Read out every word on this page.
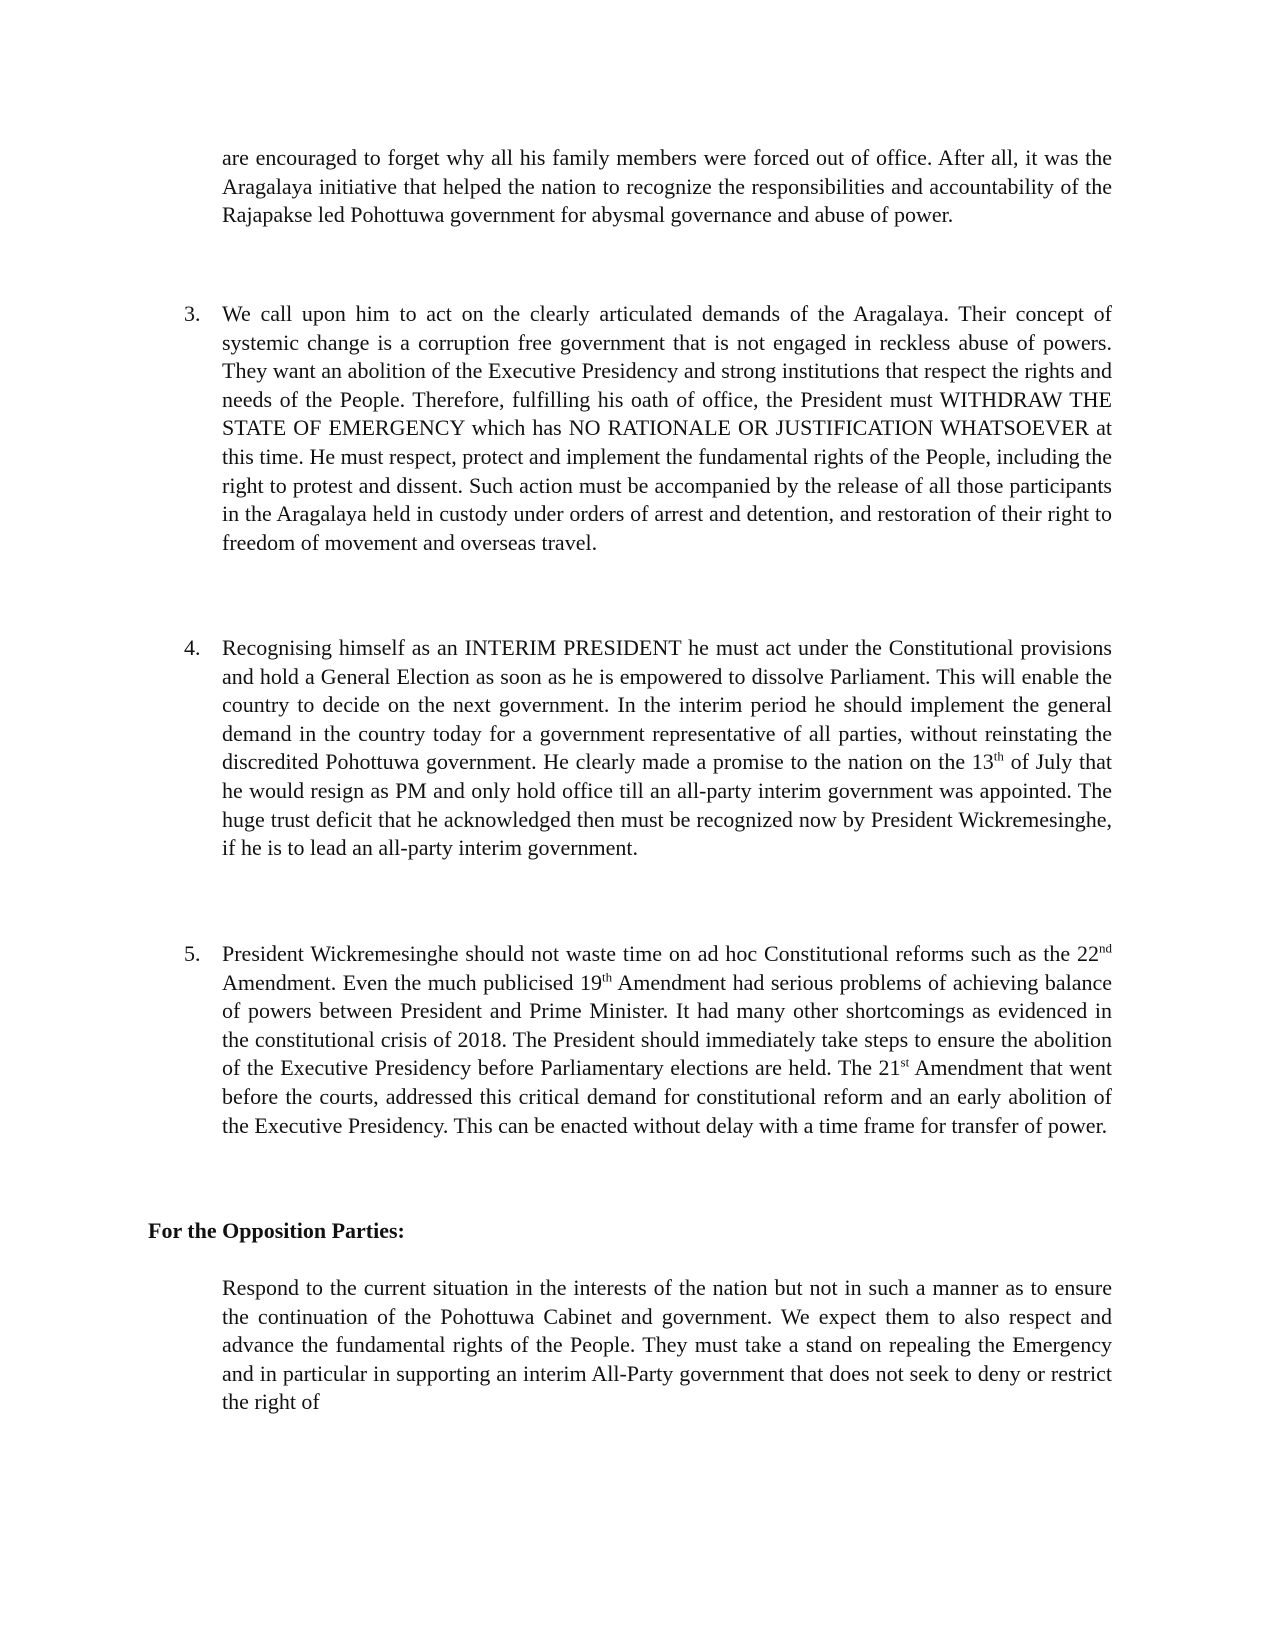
are encouraged to forget why all his family members were forced out of office. After all, it was the Aragalaya initiative that helped the nation to recognize the responsibilities and accountability of the Rajapakse led Pohottuwa government for abysmal governance and abuse of power.
3. We call upon him to act on the clearly articulated demands of the Aragalaya. Their concept of systemic change is a corruption free government that is not engaged in reckless abuse of powers. They want an abolition of the Executive Presidency and strong institutions that respect the rights and needs of the People. Therefore, fulfilling his oath of office, the President must WITHDRAW THE STATE OF EMERGENCY which has NO RATIONALE OR JUSTIFICATION WHATSOEVER at this time. He must respect, protect and implement the fundamental rights of the People, including the right to protest and dissent. Such action must be accompanied by the release of all those participants in the Aragalaya held in custody under orders of arrest and detention, and restoration of their right to freedom of movement and overseas travel.
4. Recognising himself as an INTERIM PRESIDENT he must act under the Constitutional provisions and hold a General Election as soon as he is empowered to dissolve Parliament. This will enable the country to decide on the next government. In the interim period he should implement the general demand in the country today for a government representative of all parties, without reinstating the discredited Pohottuwa government. He clearly made a promise to the nation on the 13th of July that he would resign as PM and only hold office till an all-party interim government was appointed. The huge trust deficit that he acknowledged then must be recognized now by President Wickremesinghe, if he is to lead an all-party interim government.
5. President Wickremesinghe should not waste time on ad hoc Constitutional reforms such as the 22nd Amendment. Even the much publicised 19th Amendment had serious problems of achieving balance of powers between President and Prime Minister. It had many other shortcomings as evidenced in the constitutional crisis of 2018. The President should immediately take steps to ensure the abolition of the Executive Presidency before Parliamentary elections are held. The 21st Amendment that went before the courts, addressed this critical demand for constitutional reform and an early abolition of the Executive Presidency. This can be enacted without delay with a time frame for transfer of power.
For the Opposition Parties:
Respond to the current situation in the interests of the nation but not in such a manner as to ensure the continuation of the Pohottuwa Cabinet and government. We expect them to also respect and advance the fundamental rights of the People. They must take a stand on repealing the Emergency and in particular in supporting an interim All-Party government that does not seek to deny or restrict the right of
